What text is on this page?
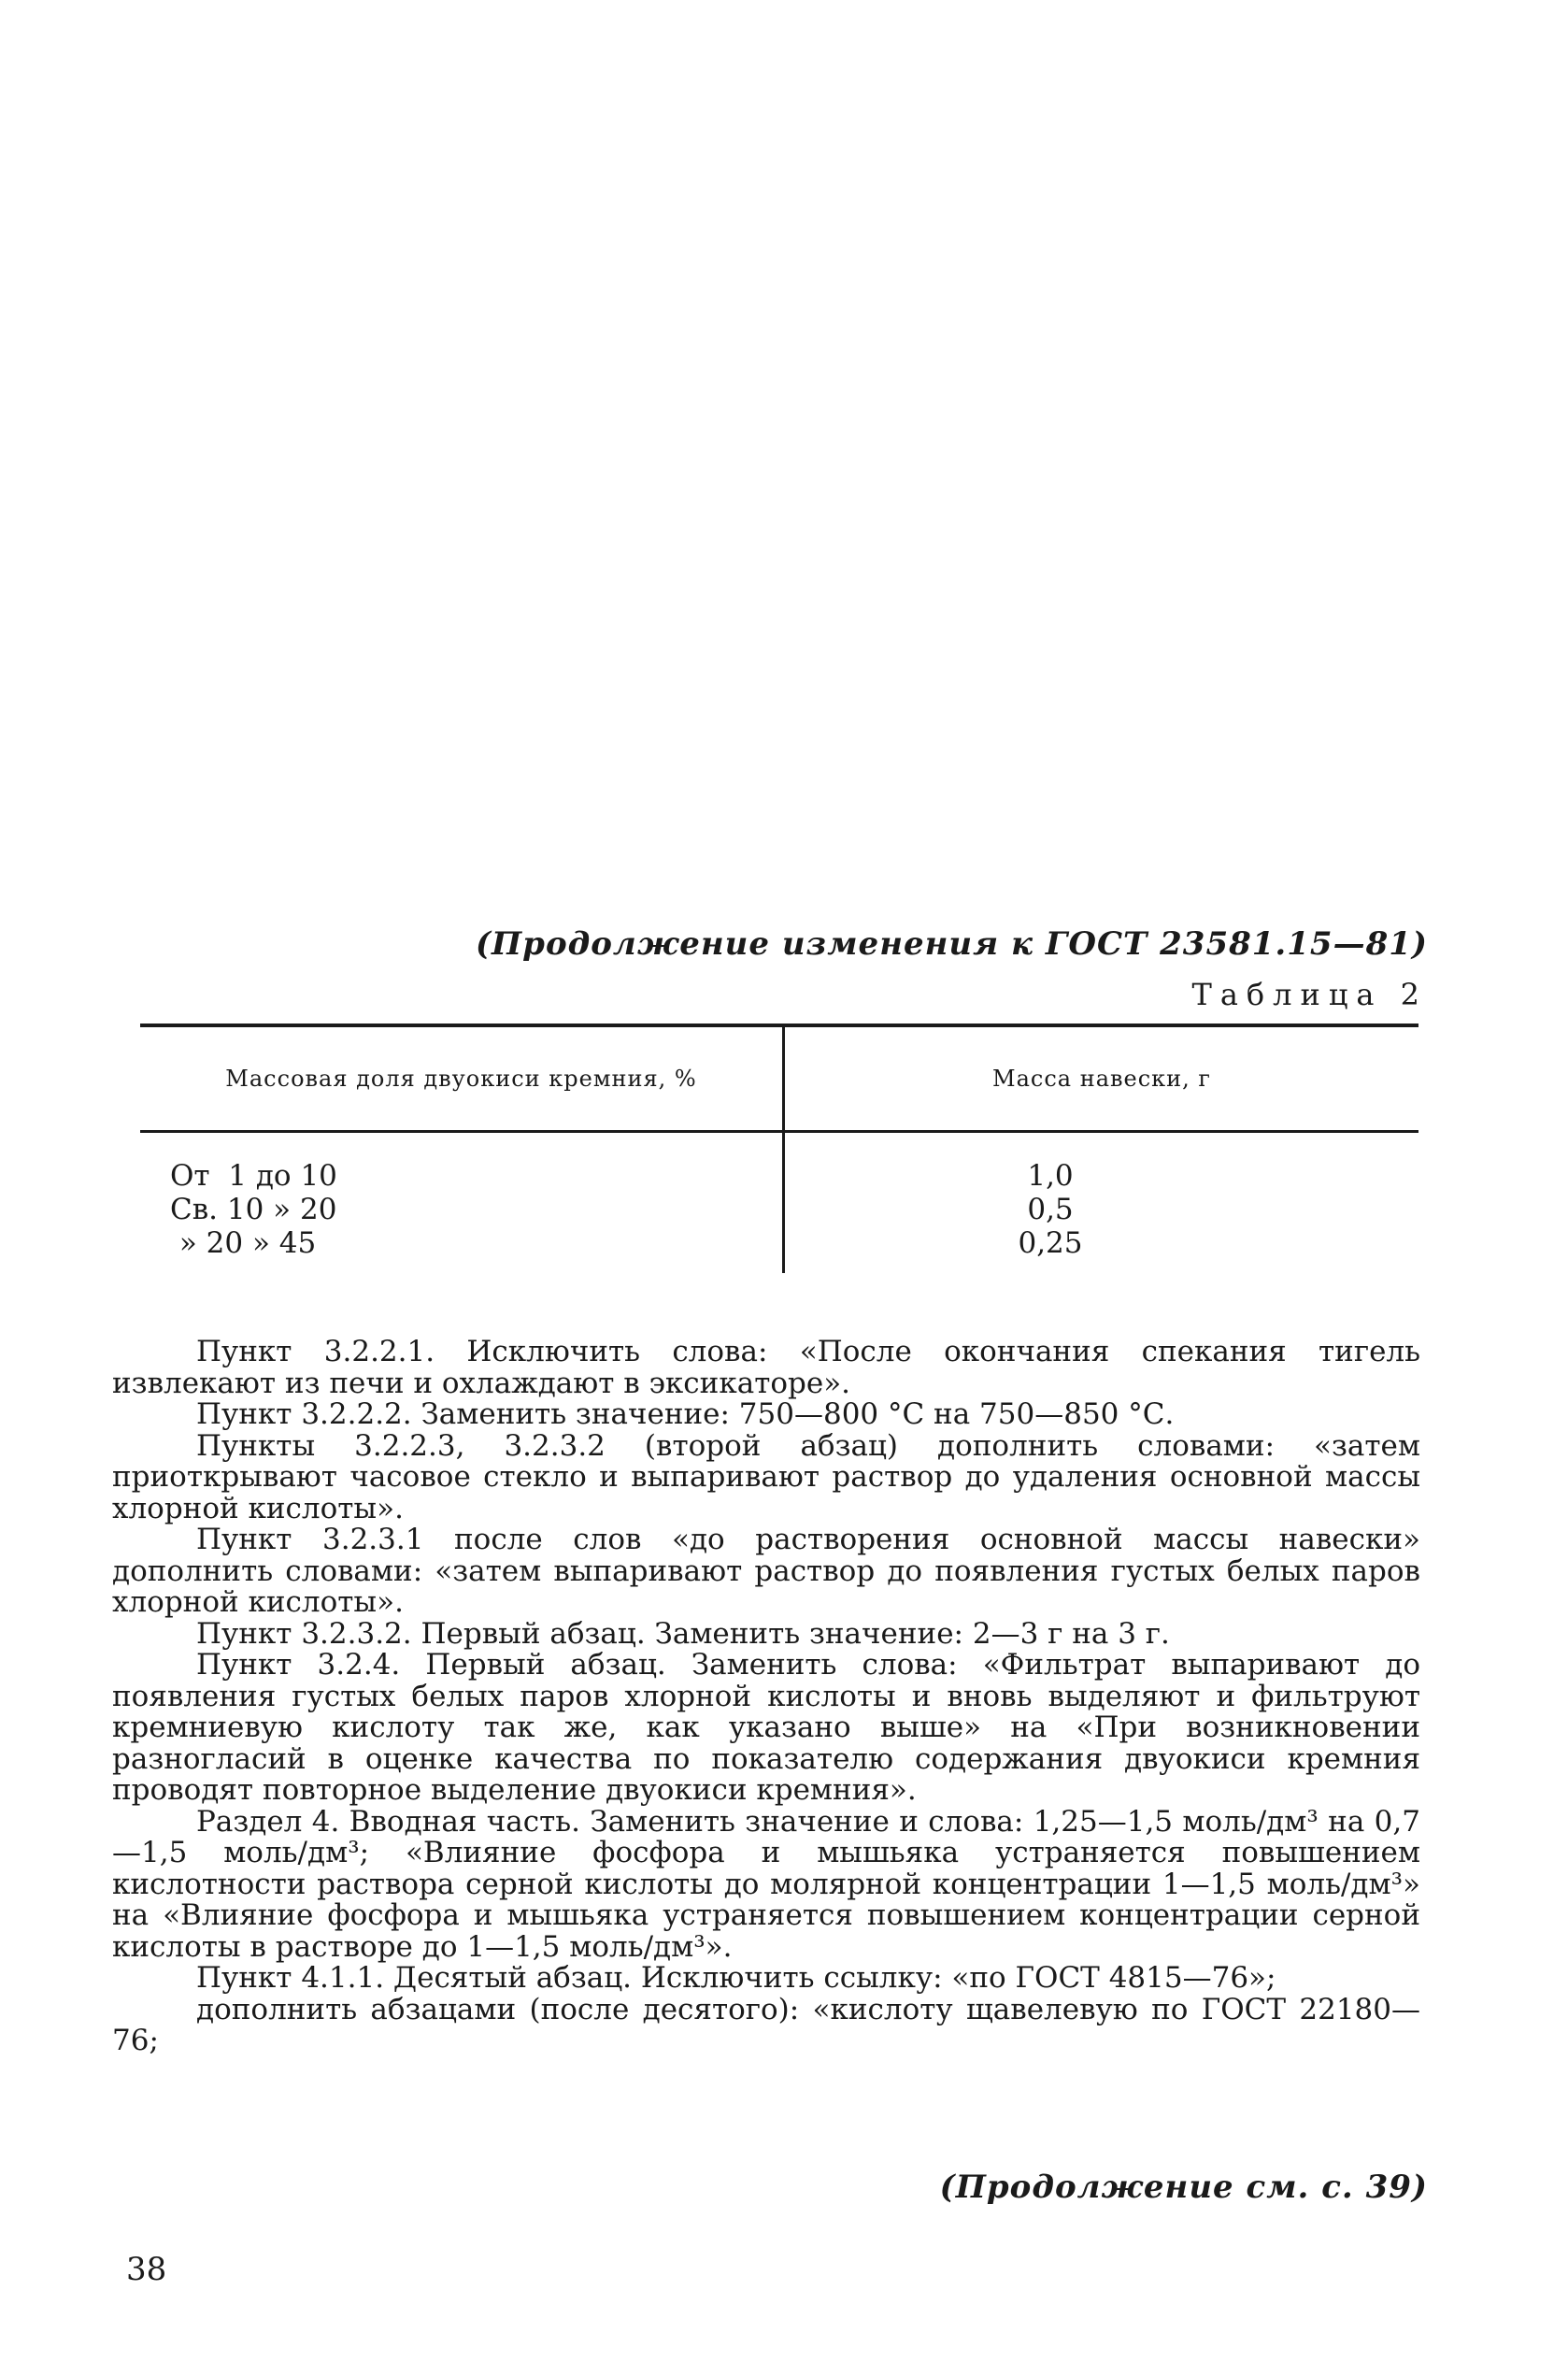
(Продолжение изменения к ГОСТ 23581.15—81)
Таблица 2
Массовая доля двуокиси кремния, %	Масса навески, г
От  1 до 10
Св. 10 » 20
» 20 » 45
1,0
0,5
0,25

Пункт 3.2.2.1. Исключить слова: «После окончания спекания тигель извлекают из печи и охлаждают в эксикаторе».

Пункт 3.2.2.2. Заменить значение: 750—800 °С на 750—850 °С.

Пункты 3.2.2.3, 3.2.3.2 (второй абзац) дополнить словами: «затем приоткрывают часовое стекло и выпаривают раствор до удаления основной массы хлорной кислоты».

Пункт 3.2.3.1 после слов «до растворения основной массы навески» дополнить словами: «затем выпаривают раствор до появления густых белых паров хлорной кислоты».

Пункт 3.2.3.2. Первый абзац. Заменить значение: 2—3 г на 3 г.

Пункт 3.2.4. Первый абзац. Заменить слова: «Фильтрат выпаривают до появления густых белых паров хлорной кислоты и вновь выделяют и фильтруют кремниевую кислоту так же, как указано выше» на «При возникновении разногласий в оценке качества по показателю содержания двуокиси кремния проводят повторное выделение двуокиси кремния».

Раздел 4. Вводная часть. Заменить значение и слова: 1,25—1,5 моль/дм³ на 0,7—1,5 моль/дм³; «Влияние фосфора и мышьяка устраняется повышением кислотности раствора серной кислоты до молярной концентрации 1—1,5 моль/дм³» на «Влияние фосфора и мышьяка устраняется повышением концентрации серной кислоты в растворе до 1—1,5 моль/дм³».

Пункт 4.1.1. Десятый абзац. Исключить ссылку: «по ГОСТ 4815—76»;

дополнить абзацами (после десятого): «кислоту щавелевую по ГОСТ 22180—76;

(Продолжение см. с. 39)
38
